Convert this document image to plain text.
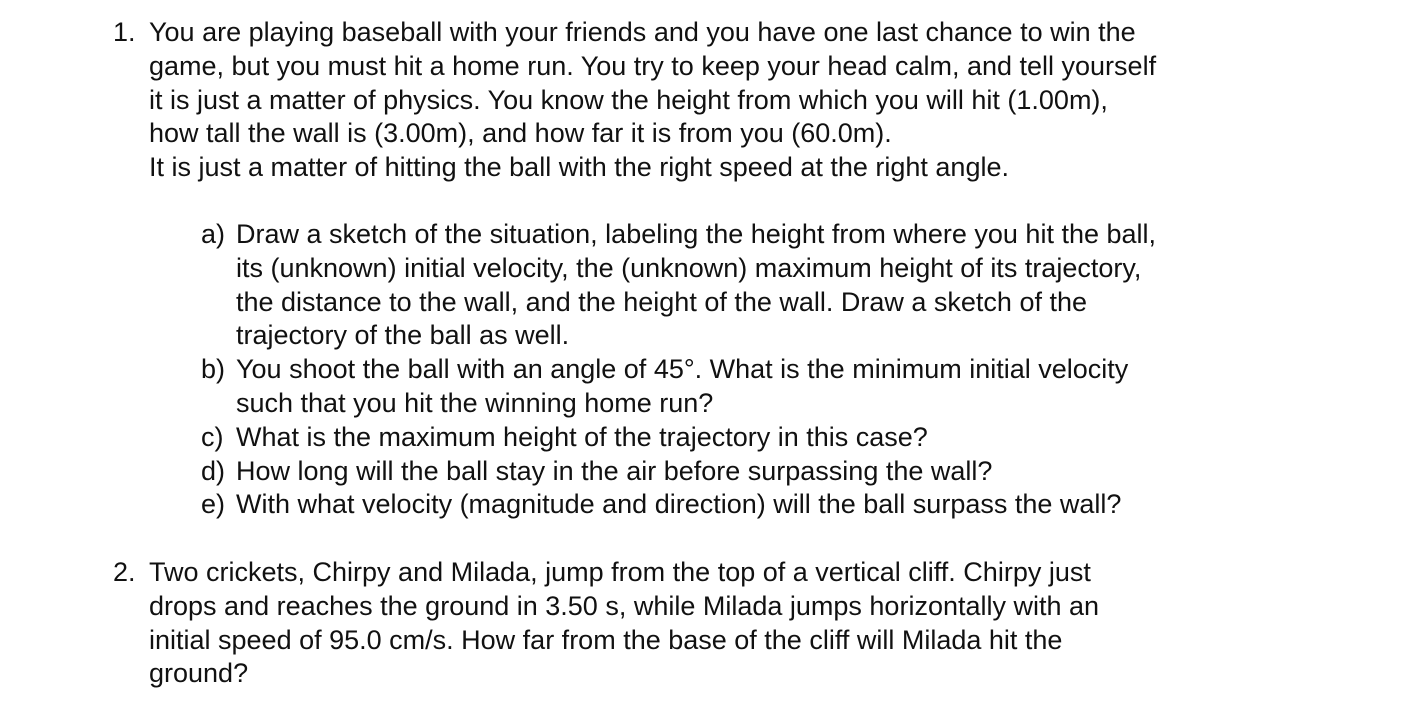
1. You are playing baseball with your friends and you have one last chance to win the
game, but you must hit a home run. You try to keep your head calm, and tell yourself
it is just a matter of physics. You know the height from which you will hit (1.00m),
how tall the wall is (3.00m), and how far it is from you (60.0m).
It is just a matter of hitting the ball with the right speed at the right angle.
a) Draw a sketch of the situation, labeling the height from where you hit the ball,
its (unknown) initial velocity, the (unknown) maximum height of its trajectory,
the distance to the wall, and the height of the wall. Draw a sketch of the
trajectory of the ball as well.
b) You shoot the ball with an angle of 45°. What is the minimum initial velocity
such that you hit the winning home run?
c) What is the maximum height of the trajectory in this case?
d) How long will the ball stay in the air before surpassing the wall?
e) With what velocity (magnitude and direction) will the ball surpass the wall?
2. Two crickets, Chirpy and Milada, jump from the top of a vertical cliff. Chirpy just
drops and reaches the ground in 3.50 s, while Milada jumps horizontally with an
initial speed of 95.0 cm/s. How far from the base of the cliff will Milada hit the
ground?
